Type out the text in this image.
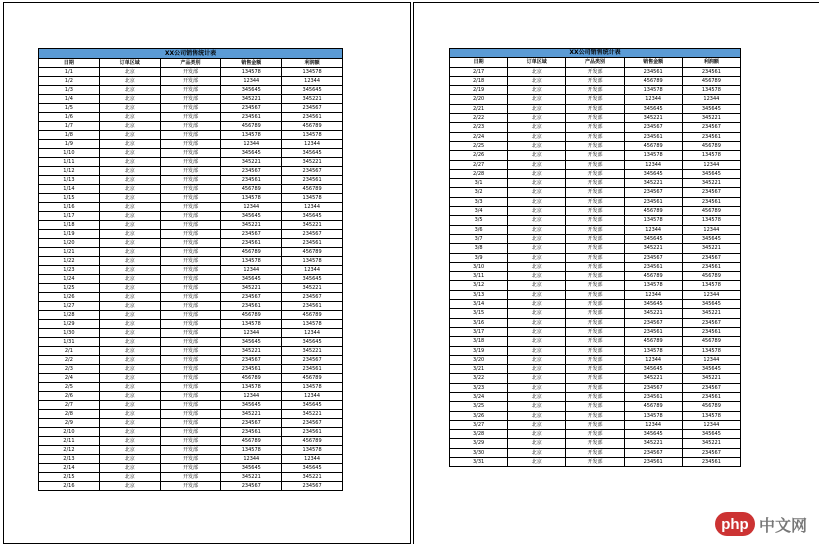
XX公司销售统计表				
日期	订单区域	产品类别	销售金额	利润额
1/1	北京	开发部	134578	134578
1/2	北京	开发部	12344	12344
1/3	北京	开发部	345645	345645
1/4	北京	开发部	345221	345221
1/5	北京	开发部	234567	234567
1/6	北京	开发部	234561	234561
1/7	北京	开发部	456789	456789
1/8	北京	开发部	134578	134578
1/9	北京	开发部	12344	12344
1/10	北京	开发部	345645	345645
1/11	北京	开发部	345221	345221
1/12	北京	开发部	234567	234567
1/13	北京	开发部	234561	234561
1/14	北京	开发部	456789	456789
1/15	北京	开发部	134578	134578
1/16	北京	开发部	12344	12344
1/17	北京	开发部	345645	345645
1/18	北京	开发部	345221	345221
1/19	北京	开发部	234567	234567
1/20	北京	开发部	234561	234561
1/21	北京	开发部	456789	456789
1/22	北京	开发部	134578	134578
1/23	北京	开发部	12344	12344
1/24	北京	开发部	345645	345645
1/25	北京	开发部	345221	345221
1/26	北京	开发部	234567	234567
1/27	北京	开发部	234561	234561
1/28	北京	开发部	456789	456789
1/29	北京	开发部	134578	134578
1/30	北京	开发部	12344	12344
1/31	北京	开发部	345645	345645
2/1	北京	开发部	345221	345221
2/2	北京	开发部	234567	234567
2/3	北京	开发部	234561	234561
2/4	北京	开发部	456789	456789
2/5	北京	开发部	134578	134578
2/6	北京	开发部	12344	12344
2/7	北京	开发部	345645	345645
2/8	北京	开发部	345221	345221
2/9	北京	开发部	234567	234567
2/10	北京	开发部	234561	234561
2/11	北京	开发部	456789	456789
2/12	北京	开发部	134578	134578
2/13	北京	开发部	12344	12344
2/14	北京	开发部	345645	345645
2/15	北京	开发部	345221	345221
2/16	北京	开发部	234567	234567
XX公司销售统计表				
日期	订单区域	产品类别	销售金额	利润额
2/17	北京	开发部	234561	234561
2/18	北京	开发部	456789	456789
2/19	北京	开发部	134578	134578
2/20	北京	开发部	12344	12344
2/21	北京	开发部	345645	345645
2/22	北京	开发部	345221	345221
2/23	北京	开发部	234567	234567
2/24	北京	开发部	234561	234561
2/25	北京	开发部	456789	456789
2/26	北京	开发部	134578	134578
2/27	北京	开发部	12344	12344
2/28	北京	开发部	345645	345645
3/1	北京	开发部	345221	345221
3/2	北京	开发部	234567	234567
3/3	北京	开发部	234561	234561
3/4	北京	开发部	456789	456789
3/5	北京	开发部	134578	134578
3/6	北京	开发部	12344	12344
3/7	北京	开发部	345645	345645
3/8	北京	开发部	345221	345221
3/9	北京	开发部	234567	234567
3/10	北京	开发部	234561	234561
3/11	北京	开发部	456789	456789
3/12	北京	开发部	134578	134578
3/13	北京	开发部	12344	12344
3/14	北京	开发部	345645	345645
3/15	北京	开发部	345221	345221
3/16	北京	开发部	234567	234567
3/17	北京	开发部	234561	234561
3/18	北京	开发部	456789	456789
3/19	北京	开发部	134578	134578
3/20	北京	开发部	12344	12344
3/21	北京	开发部	345645	345645
3/22	北京	开发部	345221	345221
3/23	北京	开发部	234567	234567
3/24	北京	开发部	234561	234561
3/25	北京	开发部	456789	456789
3/26	北京	开发部	134578	134578
3/27	北京	开发部	12344	12344
3/28	北京	开发部	345645	345645
3/29	北京	开发部	345221	345221
3/30	北京	开发部	234567	234567
3/31	北京	开发部	234561	234561
php 中文网
